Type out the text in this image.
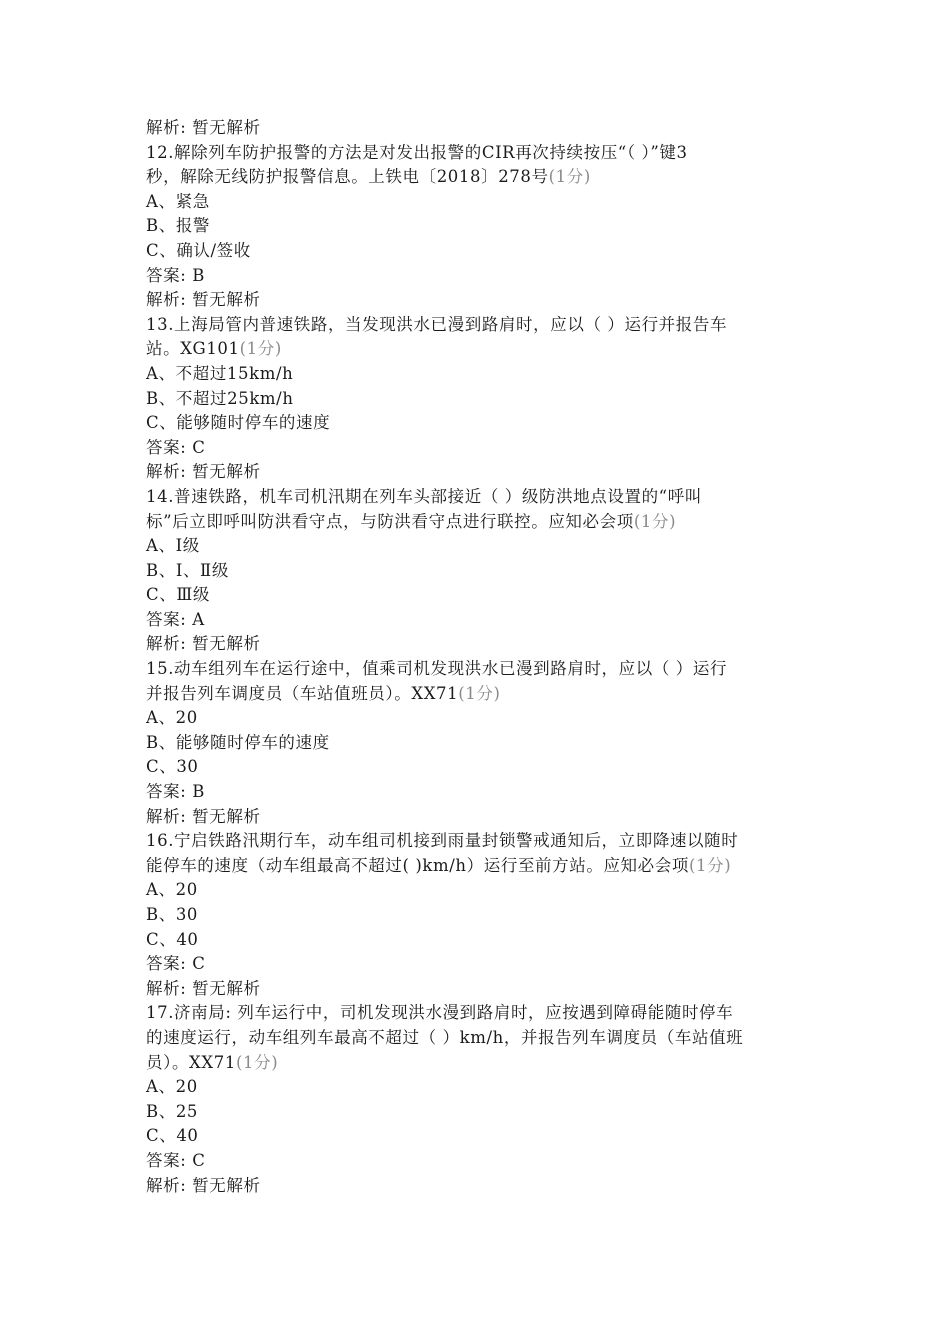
解析: 暂无解析
12.解除列车防护报警的方法是对发出报警的CIR再次持续按压“（ ）”键3
秒，解除无线防护报警信息。上铁电〔2018〕278号(1分)
A、紧急
B、报警
C、确认/签收
答案: B
解析: 暂无解析
13.上海局管内普速铁路，当发现洪水已漫到路肩时，应以（ ）运行并报告车
站。XG101(1分)
A、不超过15km/h
B、不超过25km/h
C、能够随时停车的速度
答案: C
解析: 暂无解析
14.普速铁路，机车司机汛期在列车头部接近（ ）级防洪地点设置的“呼叫
标”后立即呼叫防洪看守点，与防洪看守点进行联控。应知必会项(1分)
A、Ⅰ级
B、Ⅰ、Ⅱ级
C、Ⅲ级
答案: A
解析: 暂无解析
15.动车组列车在运行途中，值乘司机发现洪水已漫到路肩时，应以（ ）运行
并报告列车调度员（车站值班员）。XX71(1分)
A、20
B、能够随时停车的速度
C、30
答案: B
解析: 暂无解析
16.宁启铁路汛期行车，动车组司机接到雨量封锁警戒通知后，立即降速以随时
能停车的速度（动车组最高不超过( )km/h）运行至前方站。应知必会项(1分)
A、20
B、30
C、40
答案: C
解析: 暂无解析
17.济南局: 列车运行中，司机发现洪水漫到路肩时，应按遇到障碍能随时停车
的速度运行，动车组列车最高不超过（ ）km/h，并报告列车调度员（车站值班
员）。XX71(1分)
A、20
B、25
C、40
答案: C
解析: 暂无解析
